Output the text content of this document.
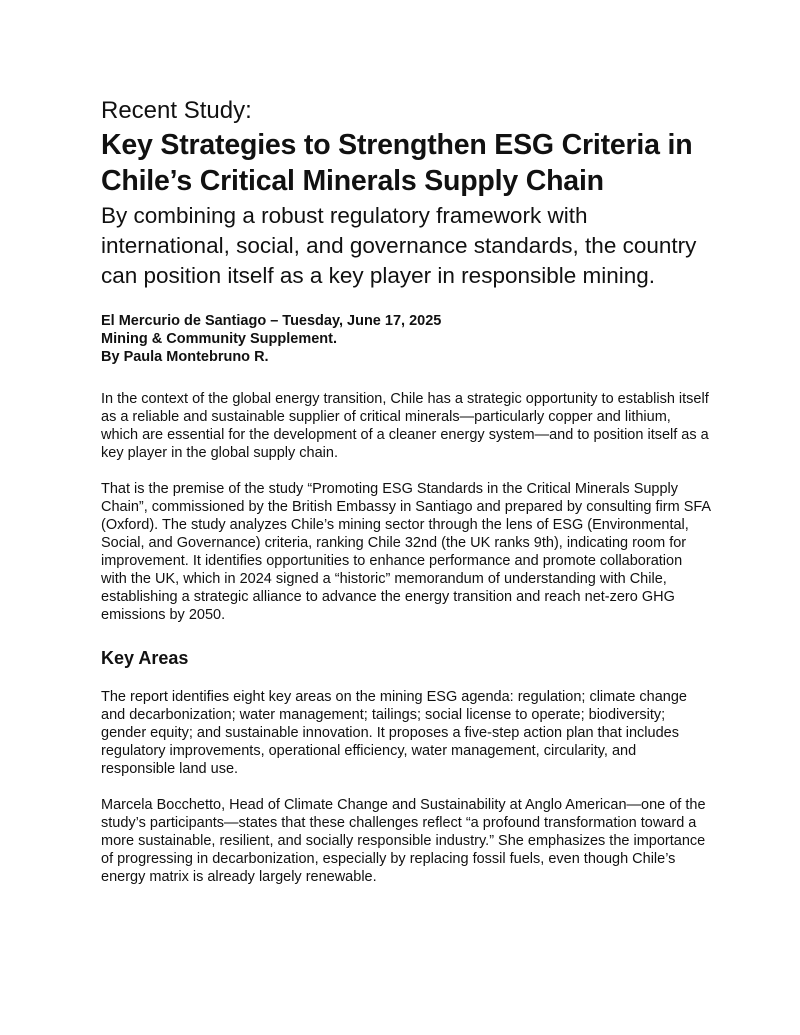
Recent Study:
Key Strategies to Strengthen ESG Criteria in Chile’s Critical Minerals Supply Chain

By combining a robust regulatory framework with international, social, and governance standards, the country can position itself as a key player in responsible mining.

El Mercurio de Santiago – Tuesday, June 17, 2025
Mining & Community Supplement.
By Paula Montebruno R.

In the context of the global energy transition, Chile has a strategic opportunity to establish itself as a reliable and sustainable supplier of critical minerals—particularly copper and lithium, which are essential for the development of a cleaner energy system—and to position itself as a key player in the global supply chain.

That is the premise of the study “Promoting ESG Standards in the Critical Minerals Supply Chain”, commissioned by the British Embassy in Santiago and prepared by consulting firm SFA (Oxford). The study analyzes Chile’s mining sector through the lens of ESG (Environmental, Social, and Governance) criteria, ranking Chile 32nd (the UK ranks 9th), indicating room for improvement. It identifies opportunities to enhance performance and promote collaboration with the UK, which in 2024 signed a “historic” memorandum of understanding with Chile, establishing a strategic alliance to advance the energy transition and reach net-zero GHG emissions by 2050.

Key Areas

The report identifies eight key areas on the mining ESG agenda: regulation; climate change and decarbonization; water management; tailings; social license to operate; biodiversity; gender equity; and sustainable innovation. It proposes a five-step action plan that includes regulatory improvements, operational efficiency, water management, circularity, and responsible land use.

Marcela Bocchetto, Head of Climate Change and Sustainability at Anglo American—one of the study’s participants—states that these challenges reflect “a profound transformation toward a more sustainable, resilient, and socially responsible industry.” She emphasizes the importance of progressing in decarbonization, especially by replacing fossil fuels, even though Chile’s energy matrix is already largely renewable.
